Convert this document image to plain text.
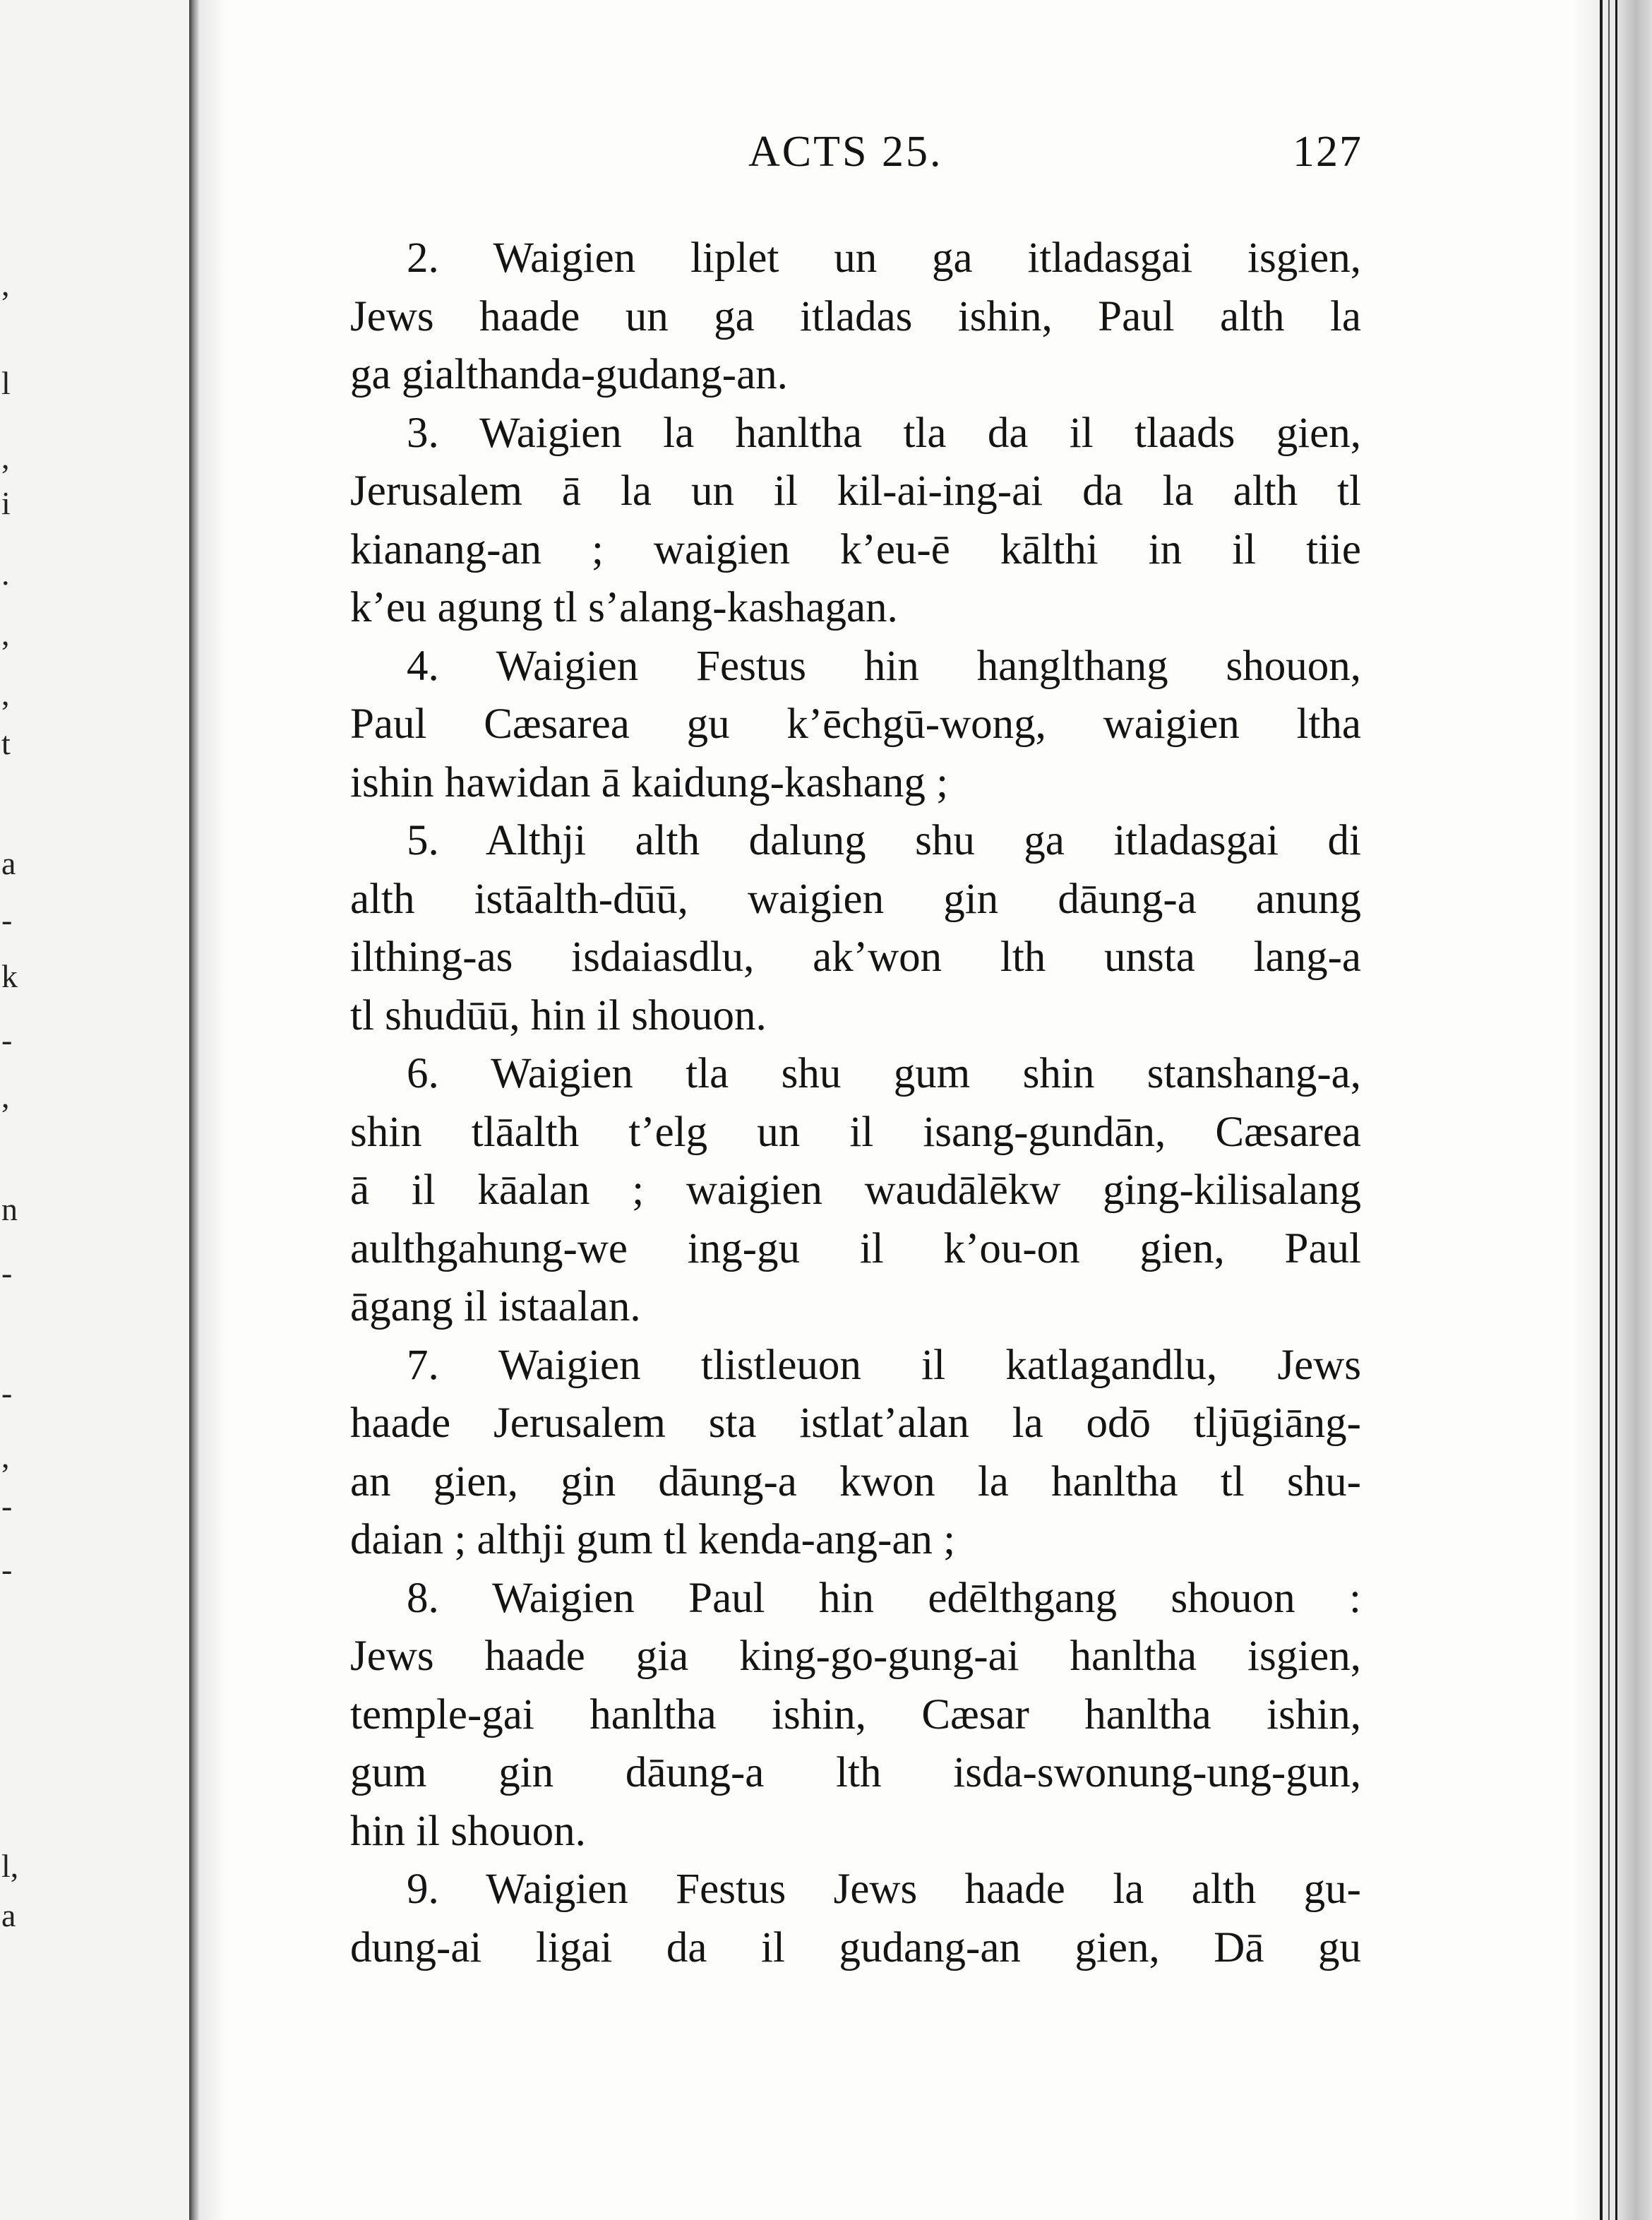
,
l
,
i
.
,
,
t
a
-
k
-
,
n
-
-
,
-
-
l,
a
ACTS 25.	127
2. Waigien liplet un ga itladasgai isgien,
Jews haade un ga itladas ishin, Paul alth la
ga gialthanda-gudang-an.
3. Waigien la hanltha tla da il tlaads gien,
Jerusalem ā la un il kil-ai-ing-ai da la alth tl
kianang-an ; waigien k’eu-ē kālthi in il tiie
k’eu agung tl s’alang-kashagan.
4. Waigien Festus hin hanglthang shouon,
Paul Cæsarea gu k’ēchgū-wong, waigien ltha
ishin hawidan ā kaidung-kashang ;
5. Althji alth dalung shu ga itladasgai di
alth istāalth-dūū, waigien gin dāung-a anung
ilthing-as isdaiasdlu, ak’won lth unsta lang-a
tl shudūū, hin il shouon.
6. Waigien tla shu gum shin stanshang-a,
shin tlāalth t’elg un il isang-gundān, Cæsarea
ā il kāalan ; waigien waudālēkw ging-kilisalang
aulthgahung-we ing-gu il k’ou-on gien, Paul
āgang il istaalan.
7. Waigien tlistleuon il katlagandlu, Jews
haade Jerusalem sta istlat’alan la odō tljūgiāng-
an gien, gin dāung-a kwon la hanltha tl shu-
daian ; althji gum tl kenda-ang-an ;
8. Waigien Paul hin edēlthgang shouon :
Jews haade gia king-go-gung-ai hanltha isgien,
temple-gai hanltha ishin, Cæsar hanltha ishin,
gum gin dāung-a lth isda-swonung-ung-gun,
hin il shouon.
9. Waigien Festus Jews haade la alth gu-
dung-ai ligai da il gudang-an gien, Dā gu
